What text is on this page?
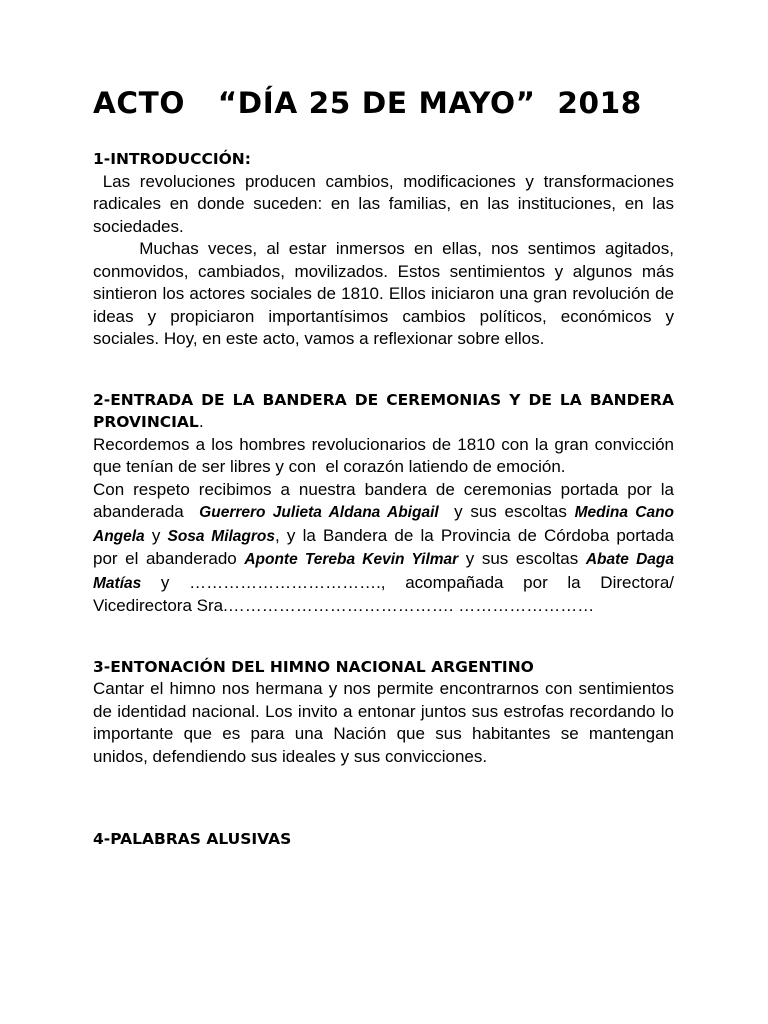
ACTO   “DÍA 25 DE MAYO”  2018
1-INTRODUCCIÓN:

Las revoluciones producen cambios, modificaciones y transformaciones radicales en donde suceden: en las familias, en las instituciones, en las sociedades.

Muchas veces, al estar inmersos en ellas, nos sentimos agitados, conmovidos, cambiados, movilizados. Estos sentimientos y algunos más sintieron los actores sociales de 1810. Ellos iniciaron una gran revolución de ideas y propiciaron importantísimos cambios políticos, económicos y sociales. Hoy, en este acto, vamos a reflexionar sobre ellos.

2-ENTRADA DE LA BANDERA DE CEREMONIAS Y DE LA BANDERA PROVINCIAL.

Recordemos a los hombres revolucionarios de 1810 con la gran convicción que tenían de ser libres y con  el corazón latiendo de emoción.

Con respeto recibimos a nuestra bandera de ceremonias portada por la abanderada  Guerrero Julieta Aldana Abigail  y sus escoltas Medina Cano Angela y Sosa Milagros, y la Bandera de la Provincia de Córdoba portada por el abanderado Aponte Tereba Kevin Yilmar y sus escoltas Abate Daga Matías y ……………………………., acompañada por la Directora/ Vicedirectora Sra.…………………………………. ……………………

3-ENTONACIÓN DEL HIMNO NACIONAL ARGENTINO

Cantar el himno nos hermana y nos permite encontrarnos con sentimientos de identidad nacional. Los invito a entonar juntos sus estrofas recordando lo importante que es para una Nación que sus habitantes se mantengan unidos, defendiendo sus ideales y sus convicciones.

4-PALABRAS ALUSIVAS
